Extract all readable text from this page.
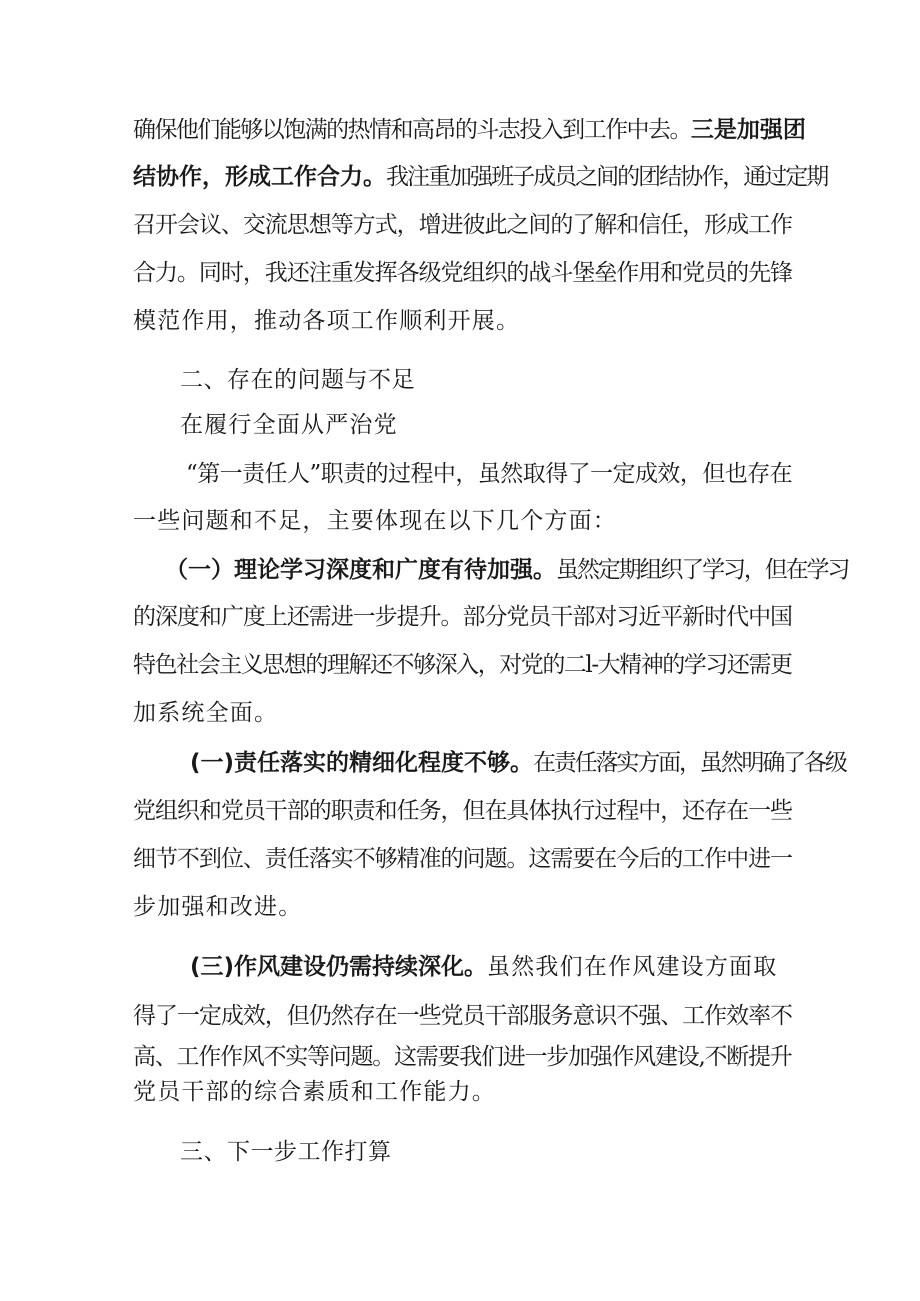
确保他们能够以饱满的热情和高昂的斗志投入到工作中去。三是加强团
结协作，形成工作合力。我注重加强班子成员之间的团结协作，通过定期
召开会议、交流思想等方式，增进彼此之间的了解和信任，形成工作
合力。同时，我还注重发挥各级党组织的战斗堡垒作用和党员的先锋
模范作用，推动各项工作顺利开展。
二、存在的问题与不足
在履行全面从严治党
“第一责任人”职责的过程中，虽然取得了一定成效，但也存在
一些问题和不足，主要体现在以下几个方面：
（一）理论学习深度和广度有待加强。虽然定期组织了学习，但在学习
的深度和广度上还需进一步提升。部分党员干部对习近平新时代中国
特色社会主义思想的理解还不够深入，对党的二l-大精神的学习还需更
加系统全面。
(一)责任落实的精细化程度不够。在责任落实方面，虽然明确了各级
党组织和党员干部的职责和任务，但在具体执行过程中，还存在一些
细节不到位、责任落实不够精准的问题。这需要在今后的工作中进一
步加强和改进。
(三)作风建设仍需持续深化。虽然我们在作风建设方面取
得了一定成效，但仍然存在一些党员干部服务意识不强、工作效率不
高、工作作风不实等问题。这需要我们进一步加强作风建设,不断提升
党员干部的综合素质和工作能力。
三、下一步工作打算
